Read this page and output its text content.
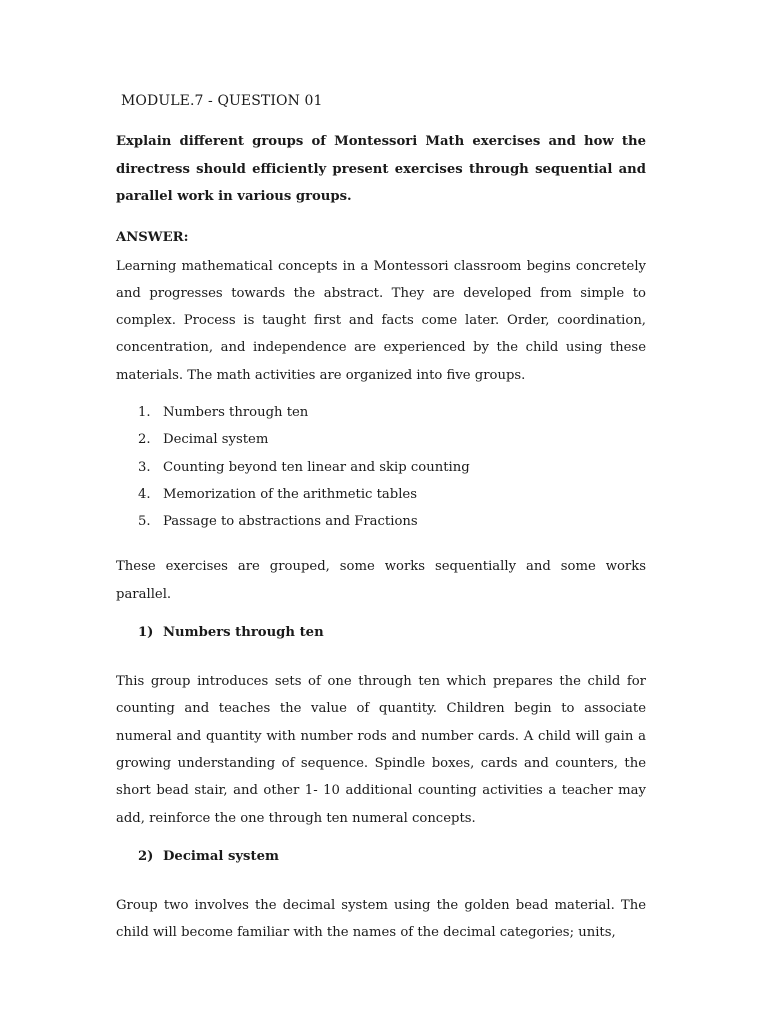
MODULE.7 - QUESTION 01

Explain different groups of Montessori Math exercises and how the directress should efficiently present exercises through sequential and parallel work in various groups.

ANSWER:

Learning mathematical concepts in a Montessori classroom begins concretely and progresses towards the abstract. They are developed from simple to complex. Process is taught first and facts come later. Order, coordination, concentration, and independence are experienced by the child using these materials. The math activities are organized into five groups.

1. Numbers through ten
2. Decimal system
3. Counting beyond ten linear and skip counting
4. Memorization of the arithmetic tables
5. Passage to abstractions and Fractions

These exercises are grouped, some works sequentially and some works parallel.

1) Numbers through ten

This group introduces sets of one through ten which prepares the child for counting and teaches the value of quantity. Children begin to associate numeral and quantity with number rods and number cards. A child will gain a growing understanding of sequence. Spindle boxes, cards and counters, the short bead stair, and other 1- 10 additional counting activities a teacher may add, reinforce the one through ten numeral concepts.

2) Decimal system

Group two involves the decimal system using the golden bead material. The child will become familiar with the names of the decimal categories; units,
